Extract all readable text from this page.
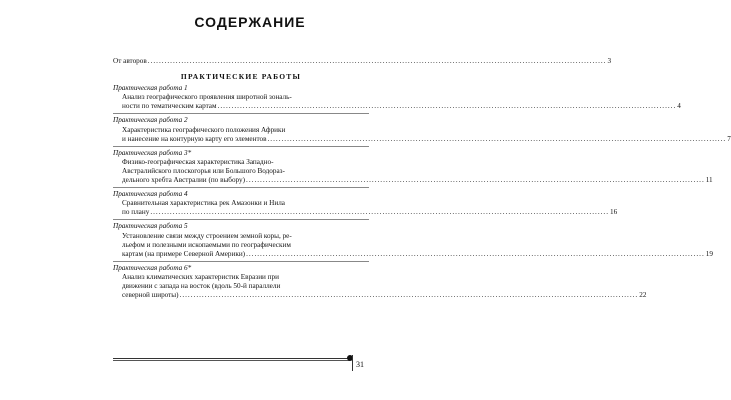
СОДЕРЖАНИЕ
От авторов .................................................................................................................................................................... 3
ПРАКТИЧЕСКИЕ РАБОТЫ
Практическая работа 1
Анализ географического проявления широтной зональ-
ности по тематическим картам .................................................................................................................................................................... 4
Практическая работа 2
Характеристика географического положения Африки
и нанесение на контурную карту его элементов .................................................................................................................................................................... 7
Практическая работа 3*
Физико-географическая характеристика Западно-
Австралийского плоскогорья или Большого Водораз-
дельного хребта Австралии (по выбору) .................................................................................................................................................................... 11
Практическая работа 4
Сравнительная характеристика рек Амазонки и Нила
по плану .................................................................................................................................................................... 16
Практическая работа 5
Установление связи между строением земной коры, ре-
льефом и полезными ископаемыми по географическим
картам (на примере Северной Америки) .................................................................................................................................................................... 19
Практическая работа 6*
Анализ климатических характеристик Евразии при
движении с запада на восток (вдоль 50-й параллели
северной широты) .................................................................................................................................................................... 22
31
